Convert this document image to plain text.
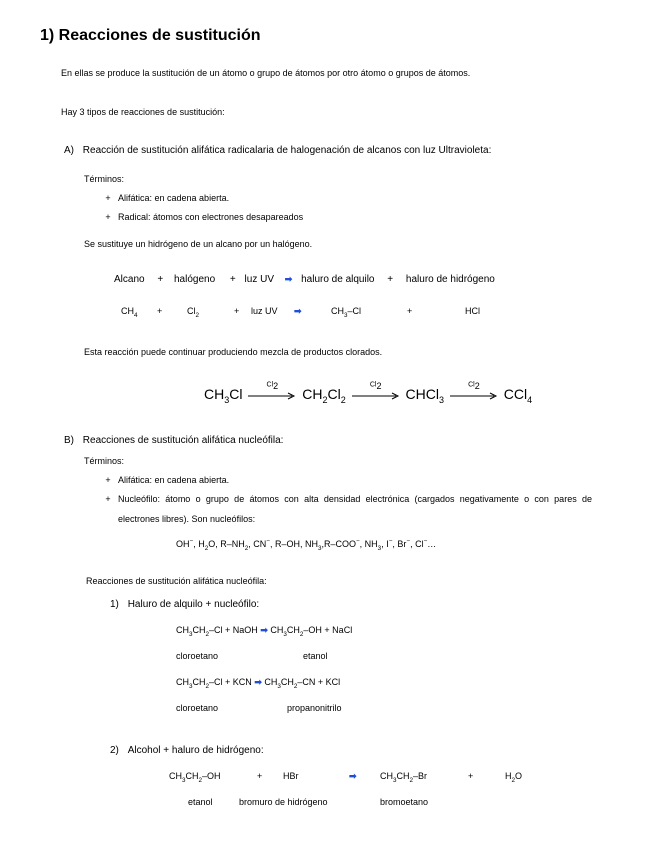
1) Reacciones de sustitución
En ellas se produce la sustitución de un átomo o grupo de átomos por otro átomo o grupos de átomos.
Hay 3 tipos de reacciones de sustitución:
A) Reacción de sustitución alifática radicalaria de halogenación de alcanos con luz Ultravioleta:
Términos:
+ Alifática: en cadena abierta.
+ Radical: átomos con electrones desapareados
Se sustituye un hidrógeno de un alcano por un halógeno.
Alcano + halógeno + luz UV ➡ haluro de alquilo + haluro de hidrógeno
$CH_4$ +	$Cl_2$	+ luz UV ➡	$CH_3-Cl$	+	HCl
Esta reacción puede continuar produciendo mezcla de productos clorados.
$CH_3Cl$
$Cl_2$	$CH_2Cl_2$
$Cl_2$	CHCl$_3$
$Cl_2$	CCl$_4$
B) Reacciones de sustitución alifática nucleófila:
Términos:
+ Alifática: en cadena abierta.
+ Nucleófilo: átomo o grupo de átomos con alta densidad electrónica (cargados negativamente o con pares de electrones libres). Son nucleófilos:
OH−, $H_2O$, $R-NH_2$, CN−, R–OH, $NH_3,R-COO^-$, $NH_3$, I−, Br−, Cl−…
Reacciones de sustitución alifática nucleófila:
1) Haluro de alquilo + nucleófilo:
$CH_3CH_2-Cl$ + NaOH ➡ $CH_3CH_2-OH$ + NaCl
cloroetano	etanol
$CH_3CH_2-Cl$ + KCN ➡ $CH_3CH_2-CN$ + KCl
cloroetano	propanonitrilo
2) Alcohol + haluro de hidrógeno:
$CH_3CH_2-OH$	+ HBr	➡	$CH_3CH_2-Br$	+	$H_2O$
etanol	bromuro de hidrógeno	bromoetano
